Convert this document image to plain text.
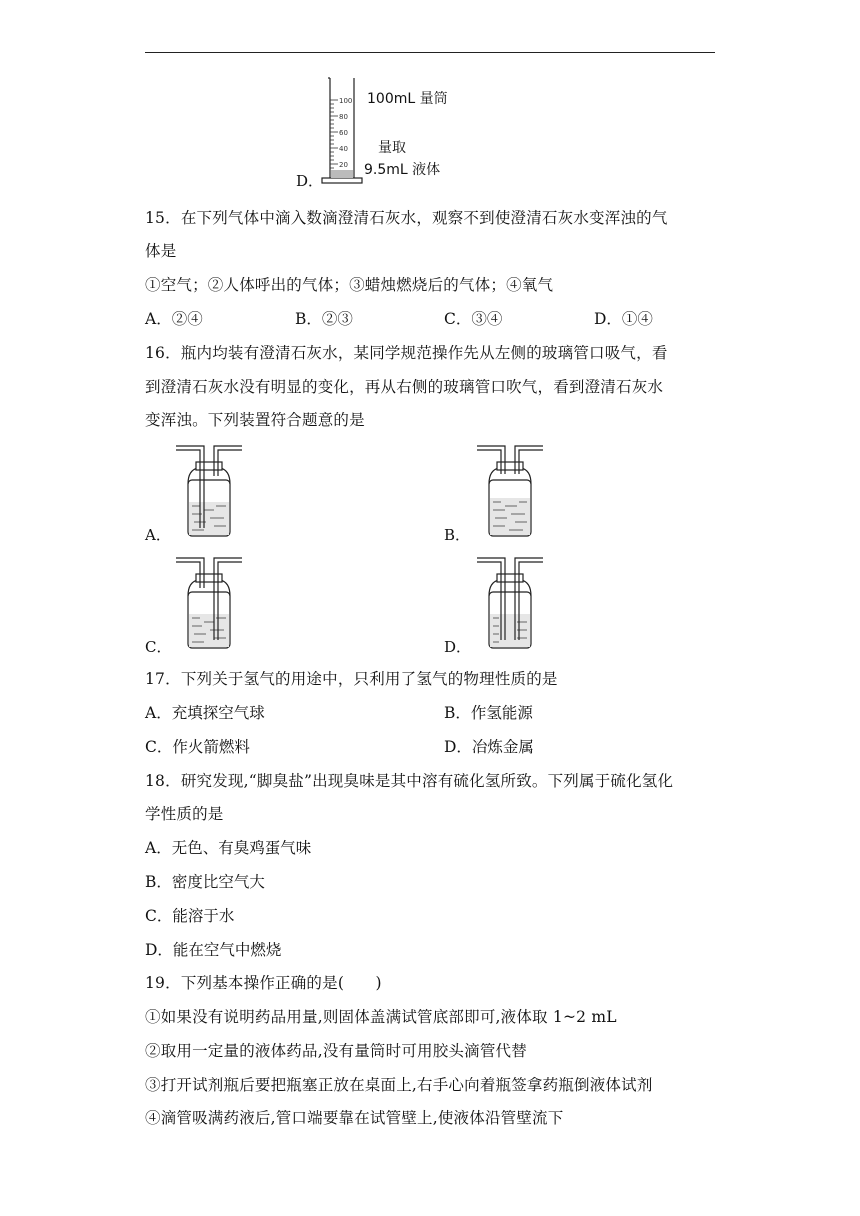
D．
100
80
60
40
20
100mL 量筒
量取
9.5mL 液体
15．在下列气体中滴入数滴澄清石灰水，观察不到使澄清石灰水变浑浊的气
体是
①空气；②人体呼出的气体；③蜡烛燃烧后的气体；④氧气
A．②④	B．②③	C．③④	D．①④
16．瓶内均装有澄清石灰水，某同学规范操作先从左侧的玻璃管口吸气，看
到澄清石灰水没有明显的变化，再从右侧的玻璃管口吹气，看到澄清石灰水
变浑浊。下列装置符合题意的是
A．	B．
C．	D．
17．下列关于氢气的用途中，只利用了氢气的物理性质的是
A．充填探空气球	B．作氢能源
C．作火箭燃料	D．冶炼金属
18．研究发现,“脚臭盐”出现臭味是其中溶有硫化氢所致。下列属于硫化氢化
学性质的是
A．无色、有臭鸡蛋气味
B．密度比空气大
C．能溶于水
D．能在空气中燃烧
19．下列基本操作正确的是(　　)
①如果没有说明药品用量,则固体盖满试管底部即可,液体取 1~2 mL
②取用一定量的液体药品,没有量筒时可用胶头滴管代替
③打开试剂瓶后要把瓶塞正放在桌面上,右手心向着瓶签拿药瓶倒液体试剂
④滴管吸满药液后,管口端要靠在试管壁上,使液体沿管壁流下
